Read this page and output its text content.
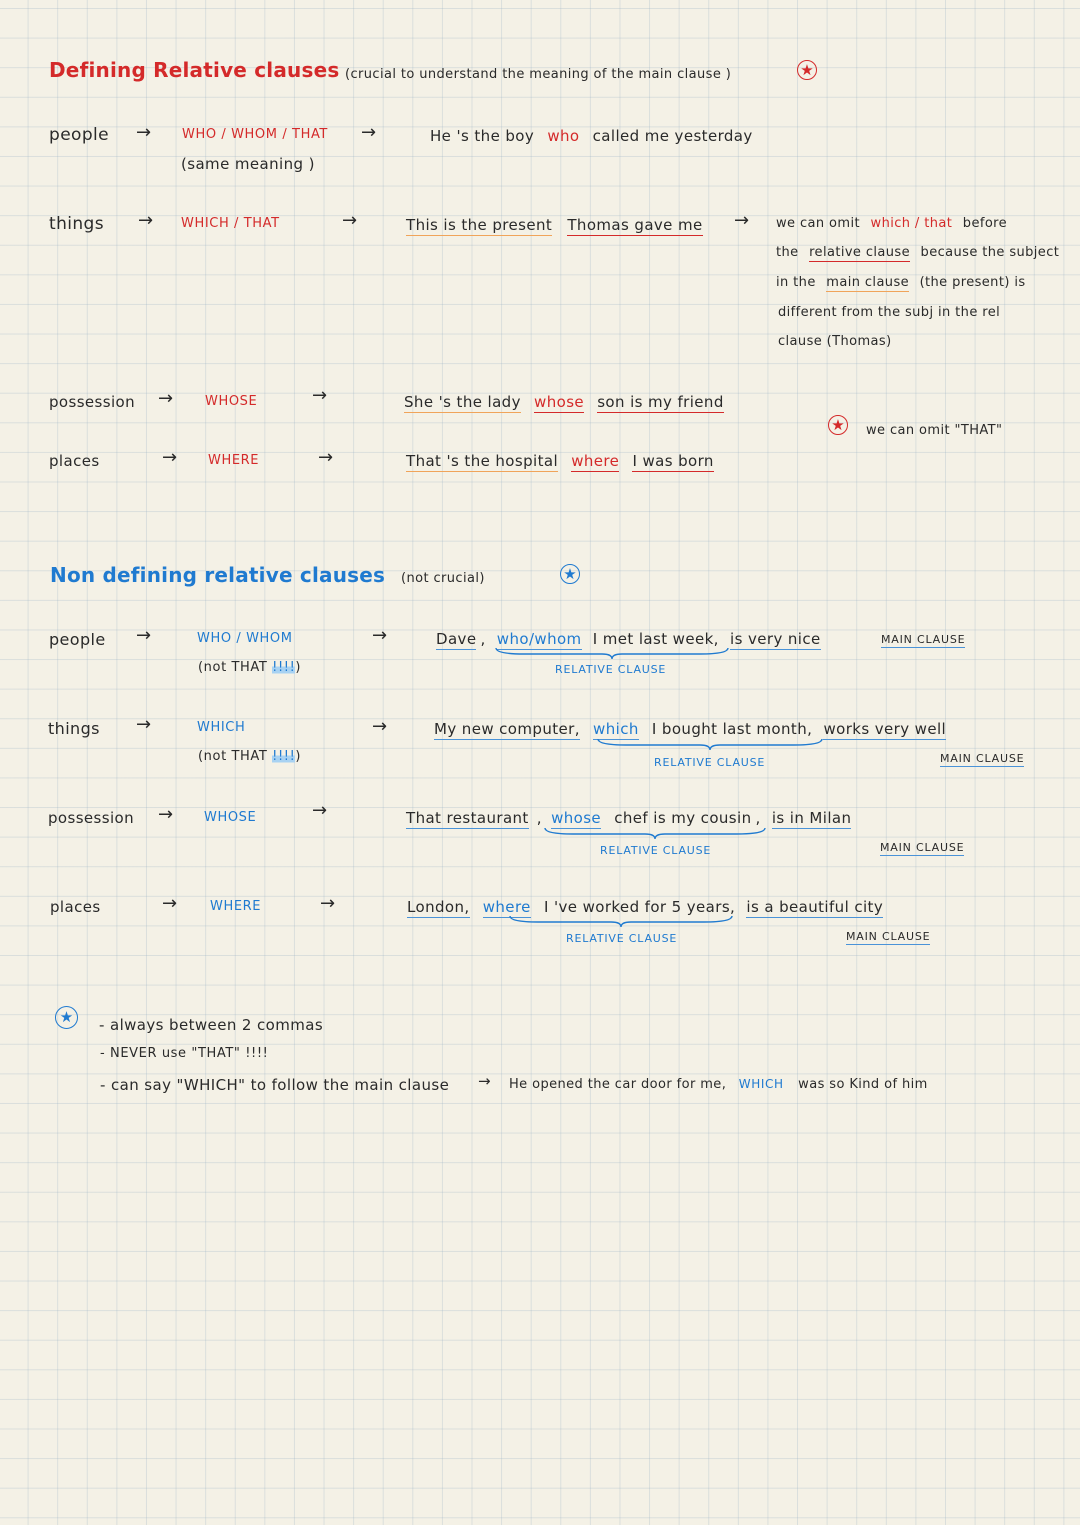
Defining Relative clauses (crucial to understand the meaning of the main clause )	★
people → WHO / WHOM / THAT
(same meaning )
→	He 's the boy who called me yesterday
things → WHICH / THAT	→	This is the present Thomas gave me → we can omit which / that before
the relative clause because the subject
in the main clause (the present) is
different from the subj in the rel
clause (Thomas)
possession → WHOSE	→	She 's the lady whose son is my friend
★ we can omit "THAT"
places	→ WHERE	→	That 's the hospital where I was born
Non defining relative clauses (not crucial)	★
people →	WHO / WHOM
(not THAT !!!!)
→	Dave , who/whom I met last week, is very nice
RELATIVE CLAUSE
MAIN CLAUSE
things →	WHICH
(not THAT !!!!)
→	My new computer, which I bought last month, works very well
RELATIVE CLAUSE	MAIN CLAUSE
possession → WHOSE	→	That restaurant , whose chef is my cousin , is in Milan
RELATIVE CLAUSE	MAIN CLAUSE
places	→	WHERE	→	London, where I 've worked for 5 years, is a beautiful city
RELATIVE CLAUSE	MAIN CLAUSE
★	- always between 2 commas
- NEVER use "THAT" !!!!
- can say "WHICH" to follow the main clause → He opened the car door for me, WHICH was so Kind of him
